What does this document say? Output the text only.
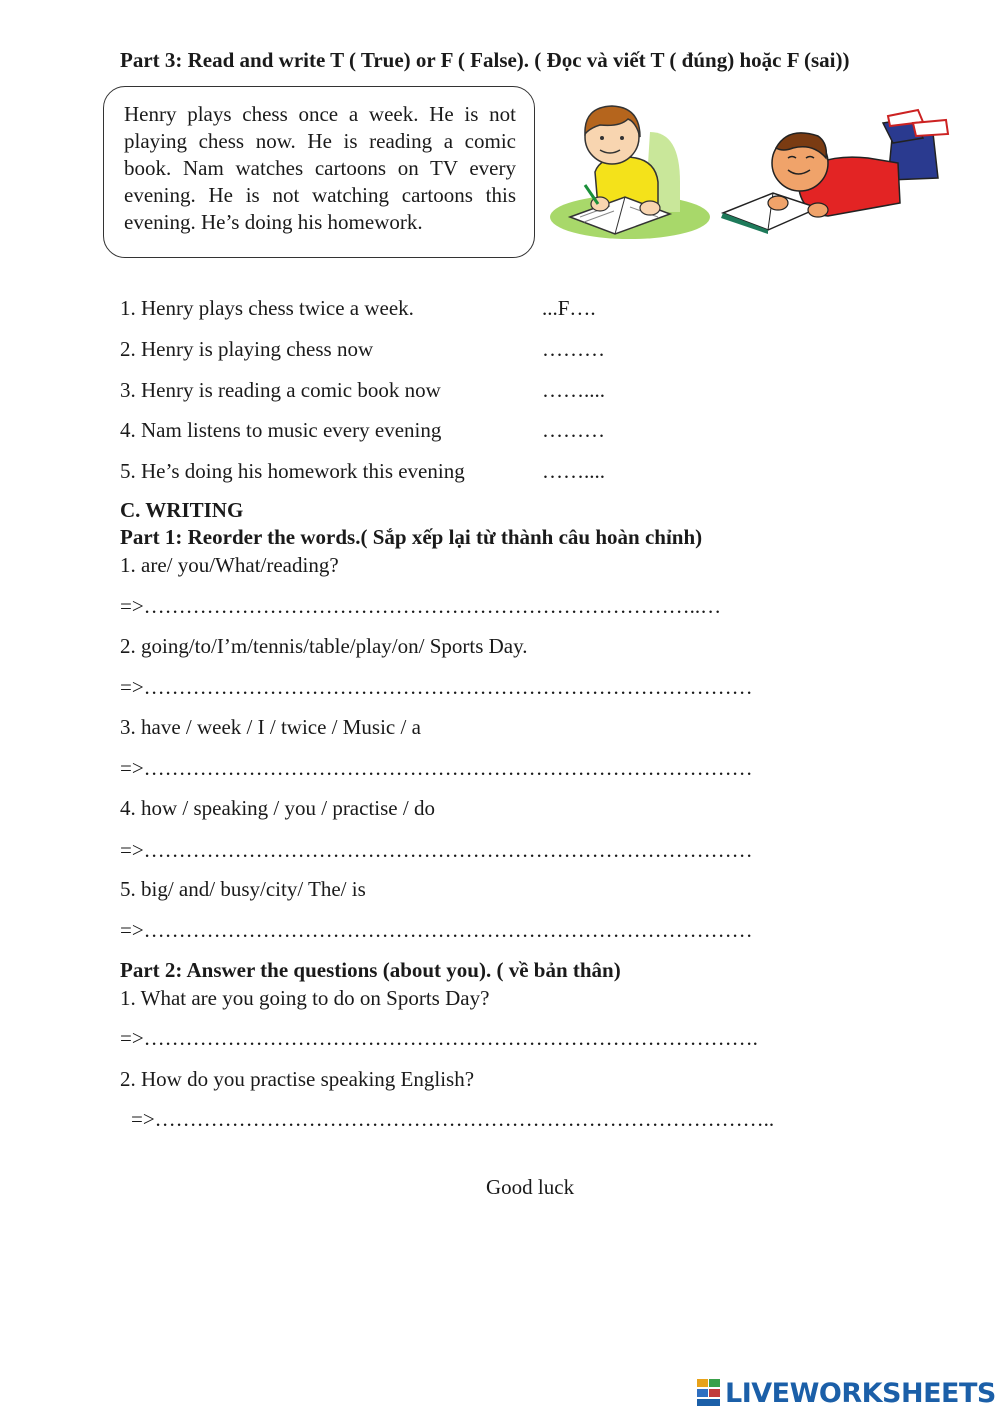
Part 3: Read and write T ( True) or F ( False). ( Đọc và viết T ( đúng) hoặc F (sai))
Henry plays chess once a week. He is not playing chess now. He is reading a comic book. Nam watches cartoons on TV every evening. He is not watching cartoons this evening. He’s doing his homework.
1. Henry plays chess twice a week.	...F….
2. Henry is playing chess now	………
3. Henry is reading a comic book now	……....
4. Nam listens to music every evening	………
5. He’s doing his homework this evening	……....
C. WRITING
Part 1: Reorder the words.( Sắp xếp lại từ thành câu hoàn chỉnh)
1. are/ you/What/reading?
=>……………………………………………………………………..…
2. going/to/I’m/tennis/table/play/on/ Sports Day.
=>……………………………………………………………………………
3. have / week / I / twice / Music / a
=>……………………………………………………………………………
4. how / speaking / you / practise / do
=>……………………………………………………………………………
5. big/ and/ busy/city/ The/ is
=>……………………………………………………………………………
Part 2: Answer the questions (about you). ( về bản thân)
1. What are you going to do on Sports Day?
=>…………………………………………………………………………….
2. How do you practise speaking English?
=>……………………………………………………………………………..
Good luck
LIVEWORKSHEETS
